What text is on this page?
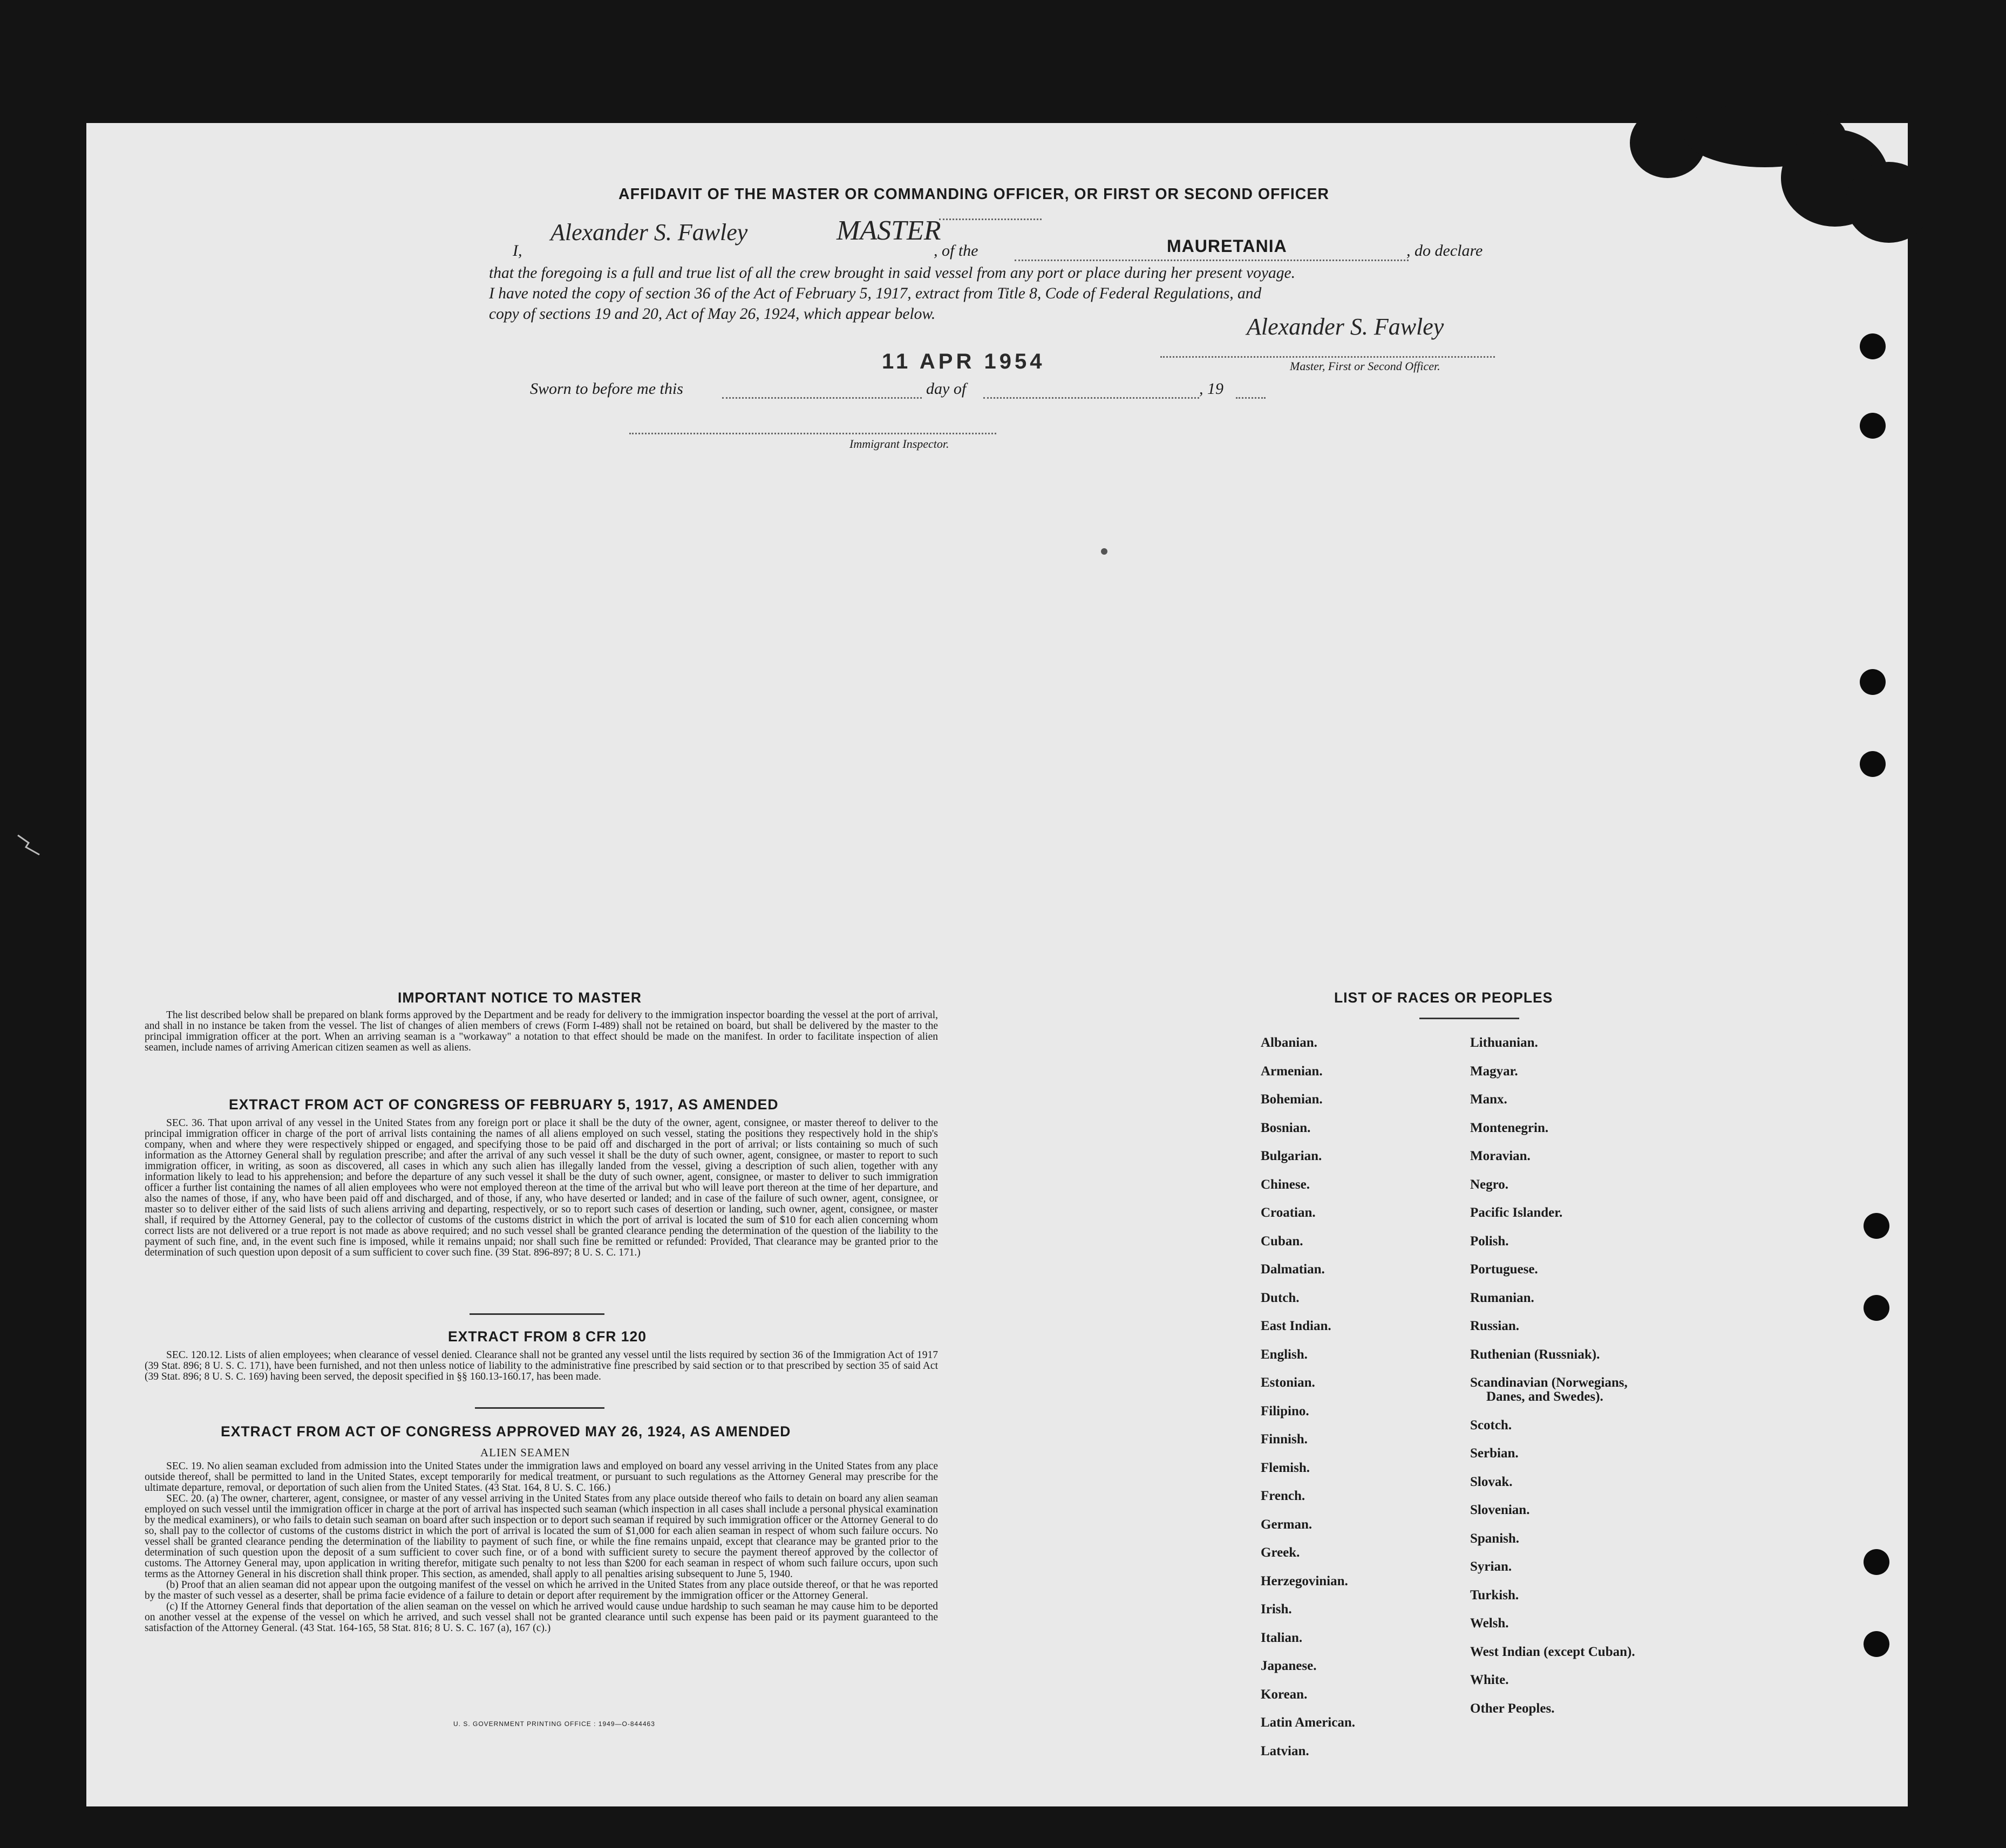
AFFIDAVIT OF THE MASTER OR COMMANDING OFFICER, OR FIRST OR SECOND OFFICER
I,
Alexander S. Fawley	MASTER
, of the	MAURETANIA	, do declare
that the foregoing is a full and true list of all the crew brought in said vessel from any port or place during her present voyage.
I have noted the copy of section 36 of the Act of February 5, 1917, extract from Title 8, Code of Federal Regulations, and
copy of sections 19 and 20, Act of May 26, 1924, which appear below.
11 APR 1954
Alexander S. Fawley
Master, First or Second Officer.
Sworn to before me this	day of	, 19
Immigrant Inspector.
IMPORTANT NOTICE TO MASTER

The list described below shall be prepared on blank forms approved by the Department and be ready for delivery to the immigration inspector boarding the vessel at the port of arrival, and shall in no instance be taken from the vessel. The list of changes of alien members of crews (Form I-489) shall not be retained on board, but shall be delivered by the master to the principal immigration officer at the port. When an arriving seaman is a "workaway" a notation to that effect should be made on the manifest. In order to facilitate inspection of alien seamen, include names of arriving American citizen seamen as well as aliens.

EXTRACT FROM ACT OF CONGRESS OF FEBRUARY 5, 1917, AS AMENDED

SEC. 36. That upon arrival of any vessel in the United States from any foreign port or place it shall be the duty of the owner, agent, consignee, or master thereof to deliver to the principal immigration officer in charge of the port of arrival lists containing the names of all aliens employed on such vessel, stating the positions they respectively hold in the ship's company, when and where they were respectively shipped or engaged, and specifying those to be paid off and discharged in the port of arrival; or lists containing so much of such information as the Attorney General shall by regulation prescribe; and after the arrival of any such vessel it shall be the duty of such owner, agent, consignee, or master to report to such immigration officer, in writing, as soon as discovered, all cases in which any such alien has illegally landed from the vessel, giving a description of such alien, together with any information likely to lead to his apprehension; and before the departure of any such vessel it shall be the duty of such owner, agent, consignee, or master to deliver to such immigration officer a further list containing the names of all alien employees who were not employed thereon at the time of the arrival but who will leave port thereon at the time of her departure, and also the names of those, if any, who have been paid off and discharged, and of those, if any, who have deserted or landed; and in case of the failure of such owner, agent, consignee, or master so to deliver either of the said lists of such aliens arriving and departing, respectively, or so to report such cases of desertion or landing, such owner, agent, consignee, or master shall, if required by the Attorney General, pay to the collector of customs of the customs district in which the port of arrival is located the sum of $10 for each alien concerning whom correct lists are not delivered or a true report is not made as above required; and no such vessel shall be granted clearance pending the determination of the question of the liability to the payment of such fine, and, in the event such fine is imposed, while it remains unpaid; nor shall such fine be remitted or refunded: Provided, That clearance may be granted prior to the determination of such question upon deposit of a sum sufficient to cover such fine. (39 Stat. 896-897; 8 U. S. C. 171.)

EXTRACT FROM 8 CFR 120

SEC. 120.12. Lists of alien employees; when clearance of vessel denied. Clearance shall not be granted any vessel until the lists required by section 36 of the Immigration Act of 1917 (39 Stat. 896; 8 U. S. C. 171), have been furnished, and not then unless notice of liability to the administrative fine prescribed by said section or to that prescribed by section 35 of said Act (39 Stat. 896; 8 U. S. C. 169) having been served, the deposit specified in §§ 160.13-160.17, has been made.

EXTRACT FROM ACT OF CONGRESS APPROVED MAY 26, 1924, AS AMENDED
ALIEN SEAMEN

SEC. 19. No alien seaman excluded from admission into the United States under the immigration laws and employed on board any vessel arriving in the United States from any place outside thereof, shall be permitted to land in the United States, except temporarily for medical treatment, or pursuant to such regulations as the Attorney General may prescribe for the ultimate departure, removal, or deportation of such alien from the United States. (43 Stat. 164, 8 U. S. C. 166.)

SEC. 20. (a) The owner, charterer, agent, consignee, or master of any vessel arriving in the United States from any place outside thereof who fails to detain on board any alien seaman employed on such vessel until the immigration officer in charge at the port of arrival has inspected such seaman (which inspection in all cases shall include a personal physical examination by the medical examiners), or who fails to detain such seaman on board after such inspection or to deport such seaman if required by such immigration officer or the Attorney General to do so, shall pay to the collector of customs of the customs district in which the port of arrival is located the sum of $1,000 for each alien seaman in respect of whom such failure occurs. No vessel shall be granted clearance pending the determination of the liability to payment of such fine, or while the fine remains unpaid, except that clearance may be granted prior to the determination of such question upon the deposit of a sum sufficient to cover such fine, or of a bond with sufficient surety to secure the payment thereof approved by the collector of customs. The Attorney General may, upon application in writing therefor, mitigate such penalty to not less than $200 for each seaman in respect of whom such failure occurs, upon such terms as the Attorney General in his discretion shall think proper. This section, as amended, shall apply to all penalties arising subsequent to June 5, 1940.

(b) Proof that an alien seaman did not appear upon the outgoing manifest of the vessel on which he arrived in the United States from any place outside thereof, or that he was reported by the master of such vessel as a deserter, shall be prima facie evidence of a failure to detain or deport after requirement by the immigration officer or the Attorney General.

(c) If the Attorney General finds that deportation of the alien seaman on the vessel on which he arrived would cause undue hardship to such seaman he may cause him to be deported on another vessel at the expense of the vessel on which he arrived, and such vessel shall not be granted clearance until such expense has been paid or its payment guaranteed to the satisfaction of the Attorney General. (43 Stat. 164-165, 58 Stat. 816; 8 U. S. C. 167 (a), 167 (c).)

U. S. GOVERNMENT PRINTING OFFICE : 1949—O-844463
LIST OF RACES OR PEOPLES
Albanian.
Armenian.
Bohemian.
Bosnian.
Bulgarian.
Chinese.
Croatian.
Cuban.
Dalmatian.
Dutch.
East Indian.
English.
Estonian.
Filipino.
Finnish.
Flemish.
French.
German.
Greek.
Herzegovinian.
Irish.
Italian.
Japanese.
Korean.
Latin American.
Latvian.
Lithuanian.
Magyar.
Manx.
Montenegrin.
Moravian.
Negro.
Pacific Islander.
Polish.
Portuguese.
Rumanian.
Russian.
Ruthenian (Russniak).
Scandinavian (Norwegians,
Danes, and Swedes).
Scotch.
Serbian.
Slovak.
Slovenian.
Spanish.
Syrian.
Turkish.
Welsh.
West Indian (except Cuban).
White.
Other Peoples.
